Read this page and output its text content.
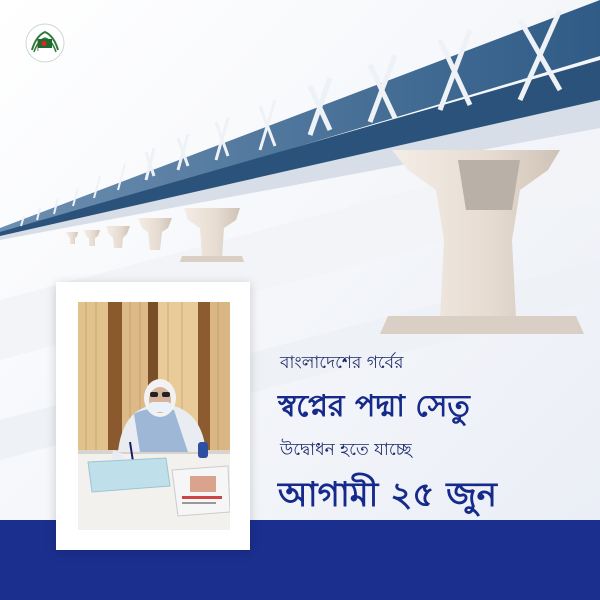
বাংলাদেশের গর্বের
স্বপ্নের পদ্মা সেতু
উদ্বোধন হতে যাচ্ছে
আগামী ২৫ জুন
